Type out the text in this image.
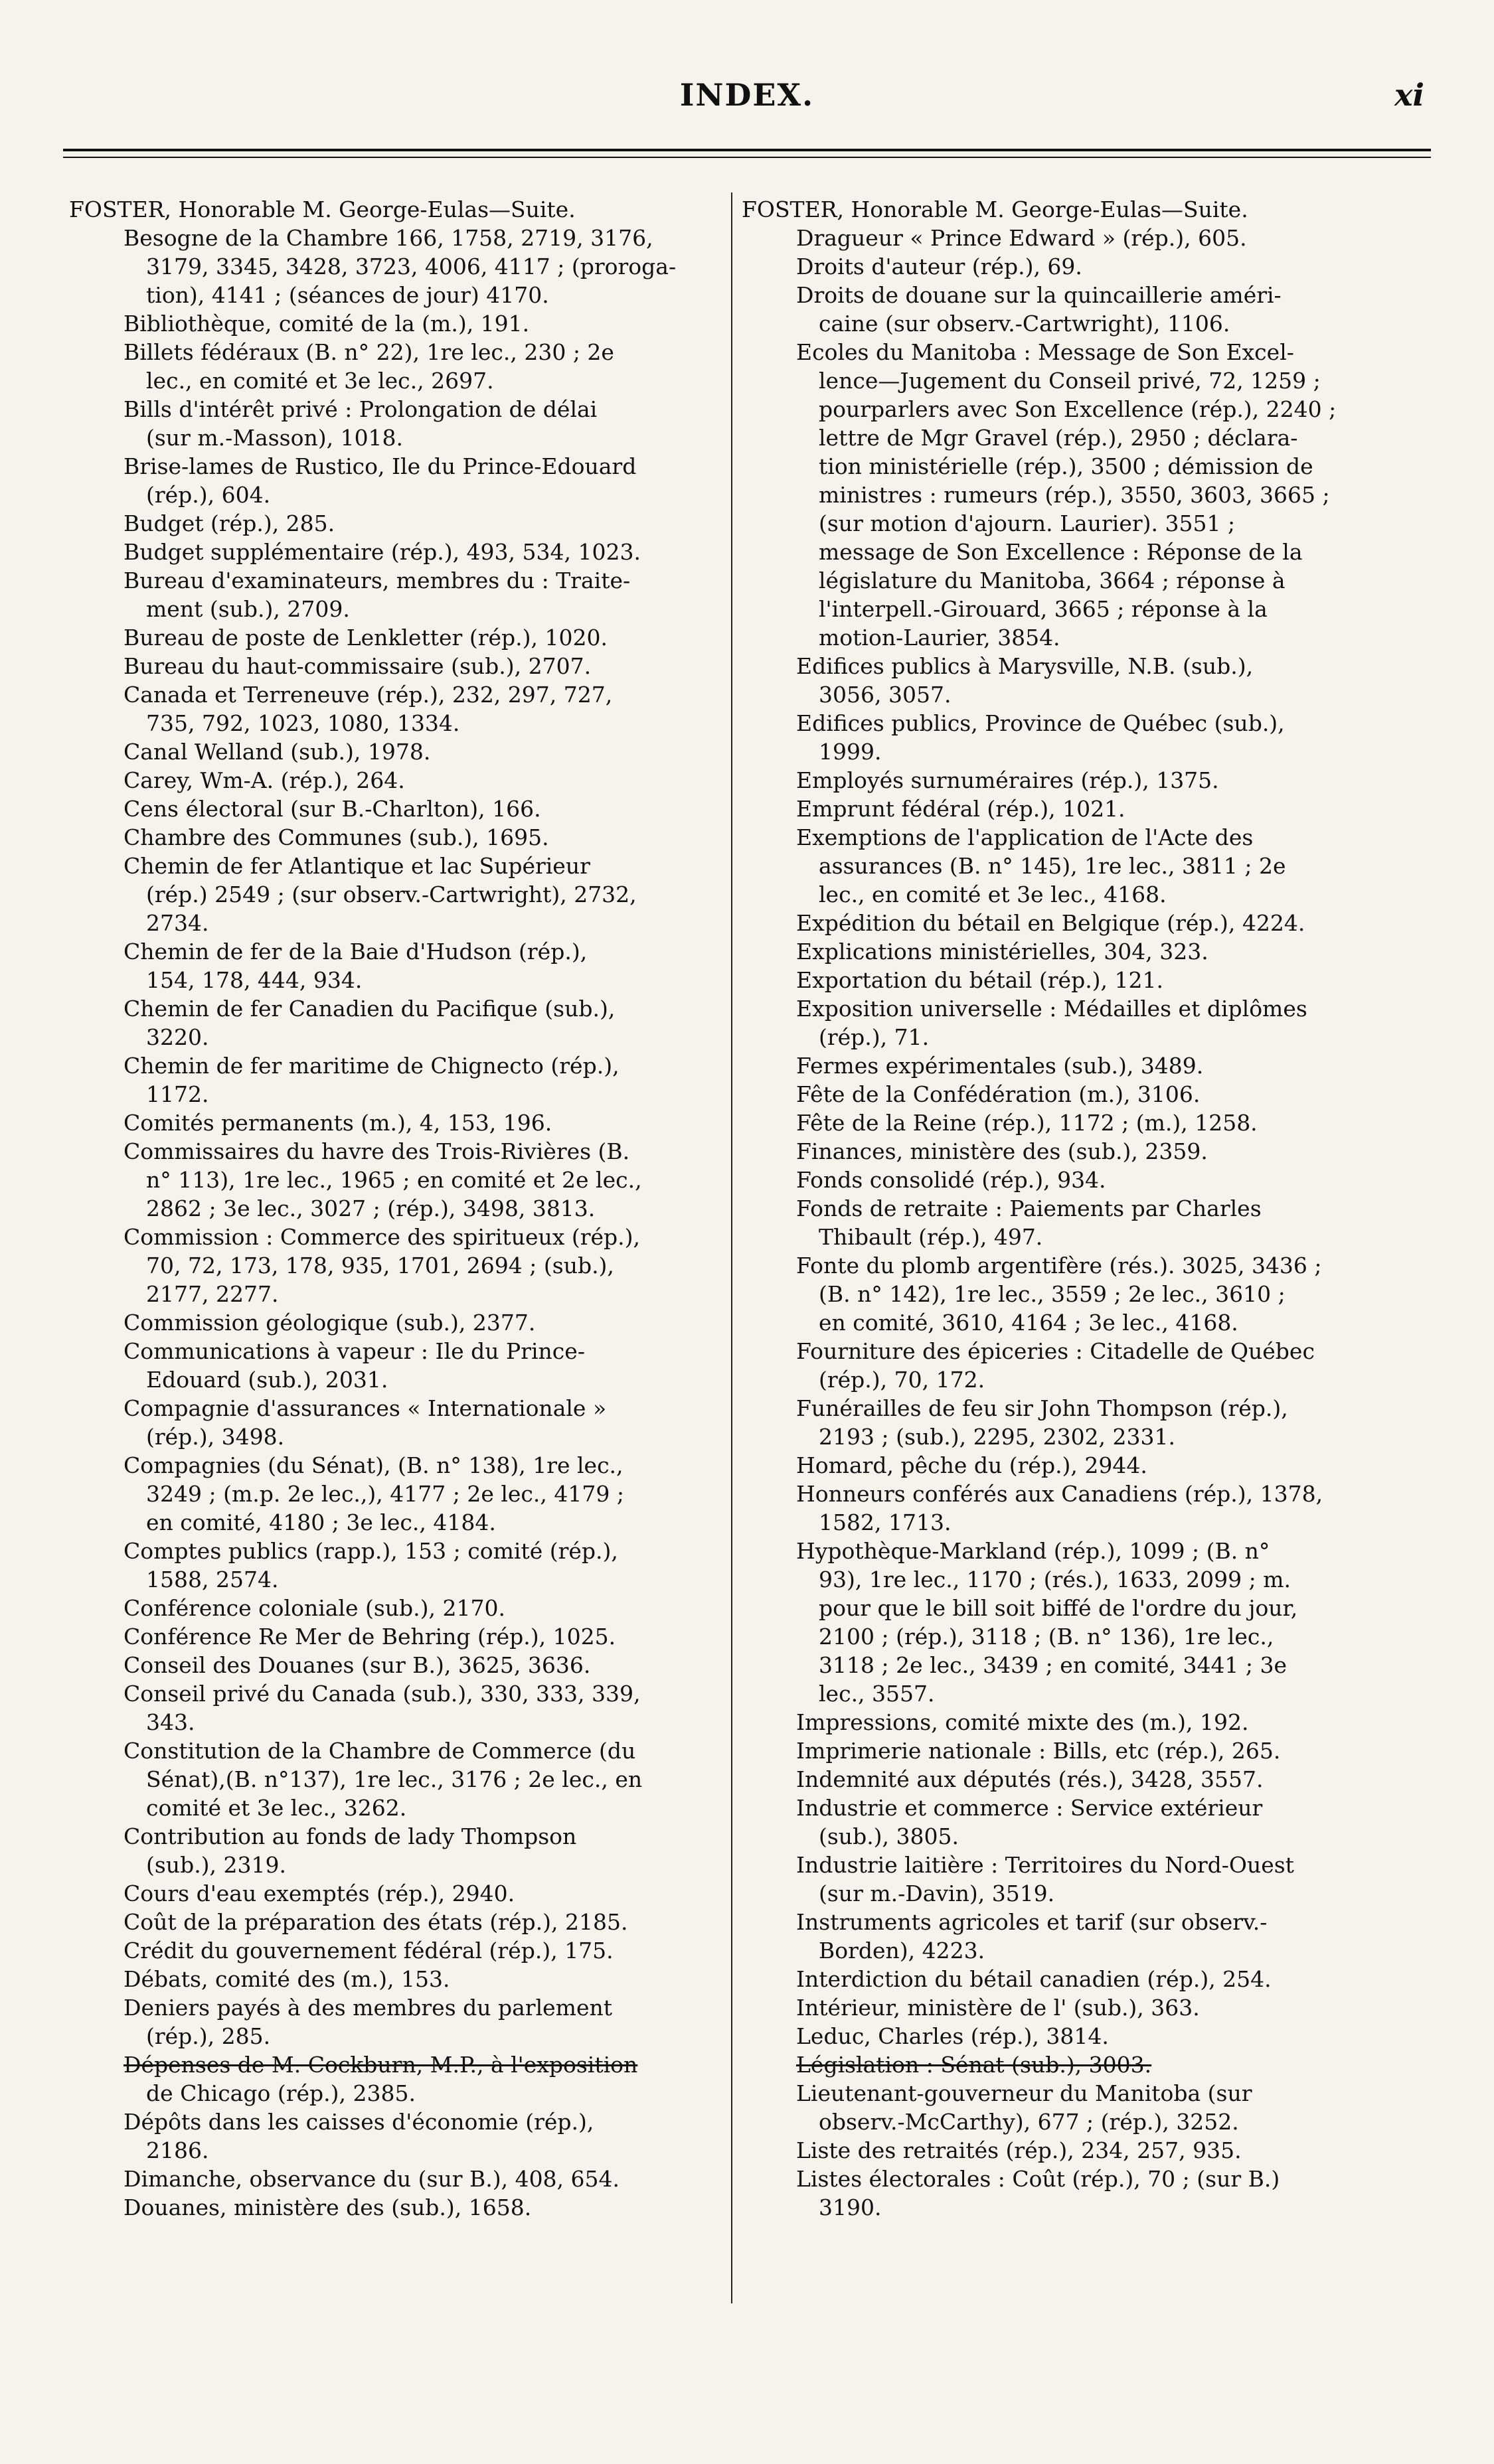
INDEX.	xi
FOSTER, Honorable M. George-Eulas—Suite.
Besogne de la Chambre 166, 1758, 2719, 3176,
3179, 3345, 3428, 3723, 4006, 4117 ; (proroga-
tion), 4141 ; (séances de jour) 4170.
Bibliothèque, comité de la (m.), 191.
Billets fédéraux (B. n° 22), 1re lec., 230 ; 2e
lec., en comité et 3e lec., 2697.
Bills d'intérêt privé : Prolongation de délai
(sur m.-Masson), 1018.
Brise-lames de Rustico, Ile du Prince-Edouard
(rép.), 604.
Budget (rép.), 285.
Budget supplémentaire (rép.), 493, 534, 1023.
Bureau d'examinateurs, membres du : Traite-
ment (sub.), 2709.
Bureau de poste de Lenkletter (rép.), 1020.
Bureau du haut-commissaire (sub.), 2707.
Canada et Terreneuve (rép.), 232, 297, 727,
735, 792, 1023, 1080, 1334.
Canal Welland (sub.), 1978.
Carey, Wm-A. (rép.), 264.
Cens électoral (sur B.-Charlton), 166.
Chambre des Communes (sub.), 1695.
Chemin de fer Atlantique et lac Supérieur
(rép.) 2549 ; (sur observ.-Cartwright), 2732,
2734.
Chemin de fer de la Baie d'Hudson (rép.),
154, 178, 444, 934.
Chemin de fer Canadien du Pacifique (sub.),
3220.
Chemin de fer maritime de Chignecto (rép.),
1172.
Comités permanents (m.), 4, 153, 196.
Commissaires du havre des Trois-Rivières (B.
n° 113), 1re lec., 1965 ; en comité et 2e lec.,
2862 ; 3e lec., 3027 ; (rép.), 3498, 3813.
Commission : Commerce des spiritueux (rép.),
70, 72, 173, 178, 935, 1701, 2694 ; (sub.),
2177, 2277.
Commission géologique (sub.), 2377.
Communications à vapeur : Ile du Prince-
Edouard (sub.), 2031.
Compagnie d'assurances « Internationale »
(rép.), 3498.
Compagnies (du Sénat), (B. n° 138), 1re lec.,
3249 ; (m.p. 2e lec.,), 4177 ; 2e lec., 4179 ;
en comité, 4180 ; 3e lec., 4184.
Comptes publics (rapp.), 153 ; comité (rép.),
1588, 2574.
Conférence coloniale (sub.), 2170.
Conférence Re Mer de Behring (rép.), 1025.
Conseil des Douanes (sur B.), 3625, 3636.
Conseil privé du Canada (sub.), 330, 333, 339,
343.
Constitution de la Chambre de Commerce (du
Sénat),(B. n°137), 1re lec., 3176 ; 2e lec., en
comité et 3e lec., 3262.
Contribution au fonds de lady Thompson
(sub.), 2319.
Cours d'eau exemptés (rép.), 2940.
Coût de la préparation des états (rép.), 2185.
Crédit du gouvernement fédéral (rép.), 175.
Débats, comité des (m.), 153.
Deniers payés à des membres du parlement
(rép.), 285.
Dépenses de M. Cockburn, M.P., à l'exposition
de Chicago (rép.), 2385.
Dépôts dans les caisses d'économie (rép.),
2186.
Dimanche, observance du (sur B.), 408, 654.
Douanes, ministère des (sub.), 1658.
FOSTER, Honorable M. George-Eulas—Suite.
Dragueur « Prince Edward » (rép.), 605.
Droits d'auteur (rép.), 69.
Droits de douane sur la quincaillerie améri-
caine (sur observ.-Cartwright), 1106.
Ecoles du Manitoba : Message de Son Excel-
lence—Jugement du Conseil privé, 72, 1259 ;
pourparlers avec Son Excellence (rép.), 2240 ;
lettre de Mgr Gravel (rép.), 2950 ; déclara-
tion ministérielle (rép.), 3500 ; démission de
ministres : rumeurs (rép.), 3550, 3603, 3665 ;
(sur motion d'ajourn. Laurier). 3551 ;
message de Son Excellence : Réponse de la
législature du Manitoba, 3664 ; réponse à
l'interpell.-Girouard, 3665 ; réponse à la
motion-Laurier, 3854.
Edifices publics à Marysville, N.B. (sub.),
3056, 3057.
Edifices publics, Province de Québec (sub.),
1999.
Employés surnuméraires (rép.), 1375.
Emprunt fédéral (rép.), 1021.
Exemptions de l'application de l'Acte des
assurances (B. n° 145), 1re lec., 3811 ; 2e
lec., en comité et 3e lec., 4168.
Expédition du bétail en Belgique (rép.), 4224.
Explications ministérielles, 304, 323.
Exportation du bétail (rép.), 121.
Exposition universelle : Médailles et diplômes
(rép.), 71.
Fermes expérimentales (sub.), 3489.
Fête de la Confédération (m.), 3106.
Fête de la Reine (rép.), 1172 ; (m.), 1258.
Finances, ministère des (sub.), 2359.
Fonds consolidé (rép.), 934.
Fonds de retraite : Paiements par Charles
Thibault (rép.), 497.
Fonte du plomb argentifère (rés.). 3025, 3436 ;
(B. n° 142), 1re lec., 3559 ; 2e lec., 3610 ;
en comité, 3610, 4164 ; 3e lec., 4168.
Fourniture des épiceries : Citadelle de Québec
(rép.), 70, 172.
Funérailles de feu sir John Thompson (rép.),
2193 ; (sub.), 2295, 2302, 2331.
Homard, pêche du (rép.), 2944.
Honneurs conférés aux Canadiens (rép.), 1378,
1582, 1713.
Hypothèque-Markland (rép.), 1099 ; (B. n°
93), 1re lec., 1170 ; (rés.), 1633, 2099 ; m.
pour que le bill soit biffé de l'ordre du jour,
2100 ; (rép.), 3118 ; (B. n° 136), 1re lec.,
3118 ; 2e lec., 3439 ; en comité, 3441 ; 3e
lec., 3557.
Impressions, comité mixte des (m.), 192.
Imprimerie nationale : Bills, etc (rép.), 265.
Indemnité aux députés (rés.), 3428, 3557.
Industrie et commerce : Service extérieur
(sub.), 3805.
Industrie laitière : Territoires du Nord-Ouest
(sur m.-Davin), 3519.
Instruments agricoles et tarif (sur observ.-
Borden), 4223.
Interdiction du bétail canadien (rép.), 254.
Intérieur, ministère de l' (sub.), 363.
Leduc, Charles (rép.), 3814.
Législation : Sénat (sub.), 3003.
Lieutenant-gouverneur du Manitoba (sur
observ.-McCarthy), 677 ; (rép.), 3252.
Liste des retraités (rép.), 234, 257, 935.
Listes électorales : Coût (rép.), 70 ; (sur B.)
3190.
